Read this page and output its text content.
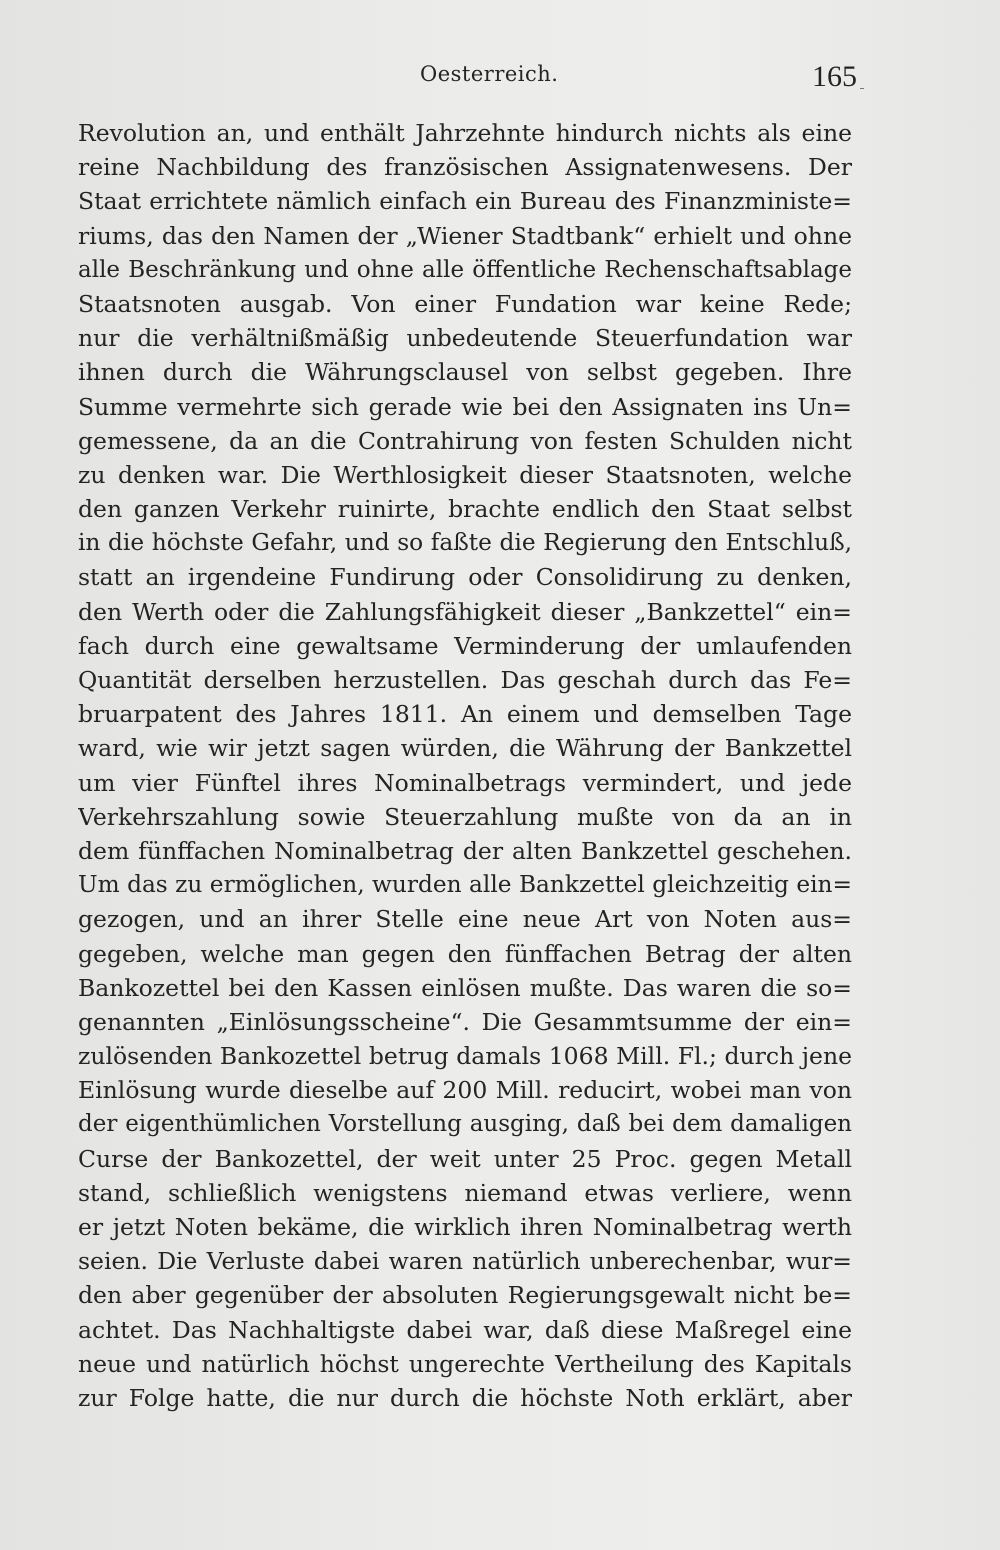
Oesterreich.	165
Revolution an, und enthält Jahrzehnte hindurch nichts als eine
reine Nachbildung des französischen Assignatenwesens. Der
Staat errichtete nämlich einfach ein Bureau des Finanzministe=
riums, das den Namen der „Wiener Stadtbank“ erhielt und ohne
alle Beschränkung und ohne alle öffentliche Rechenschaftsablage
Staatsnoten ausgab. Von einer Fundation war keine Rede;
nur die verhältnißmäßig unbedeutende Steuerfundation war
ihnen durch die Währungsclausel von selbst gegeben. Ihre
Summe vermehrte sich gerade wie bei den Assignaten ins Un=
gemessene, da an die Contrahirung von festen Schulden nicht
zu denken war. Die Werthlosigkeit dieser Staatsnoten, welche
den ganzen Verkehr ruinirte, brachte endlich den Staat selbst
in die höchste Gefahr, und so faßte die Regierung den Entschluß,
statt an irgendeine Fundirung oder Consolidirung zu denken,
den Werth oder die Zahlungsfähigkeit dieser „Bankzettel“ ein=
fach durch eine gewaltsame Verminderung der umlaufenden
Quantität derselben herzustellen. Das geschah durch das Fe=
bruarpatent des Jahres 1811. An einem und demselben Tage
ward, wie wir jetzt sagen würden, die Währung der Bankzettel
um vier Fünftel ihres Nominalbetrags vermindert, und jede
Verkehrszahlung sowie Steuerzahlung mußte von da an in
dem fünffachen Nominalbetrag der alten Bankzettel geschehen.
Um das zu ermöglichen, wurden alle Bankzettel gleichzeitig ein=
gezogen, und an ihrer Stelle eine neue Art von Noten aus=
gegeben, welche man gegen den fünffachen Betrag der alten
Bankozettel bei den Kassen einlösen mußte. Das waren die so=
genannten „Einlösungsscheine“. Die Gesammtsumme der ein=
zulösenden Bankozettel betrug damals 1068 Mill. Fl.; durch jene
Einlösung wurde dieselbe auf 200 Mill. reducirt, wobei man von
der eigenthümlichen Vorstellung ausging, daß bei dem damaligen
Curse der Bankozettel, der weit unter 25 Proc. gegen Metall
stand, schließlich wenigstens niemand etwas verliere, wenn
er jetzt Noten bekäme, die wirklich ihren Nominalbetrag werth
seien. Die Verluste dabei waren natürlich unberechenbar, wur=
den aber gegenüber der absoluten Regierungsgewalt nicht be=
achtet. Das Nachhaltigste dabei war, daß diese Maßregel eine
neue und natürlich höchst ungerechte Vertheilung des Kapitals
zur Folge hatte, die nur durch die höchste Noth erklärt, aber
